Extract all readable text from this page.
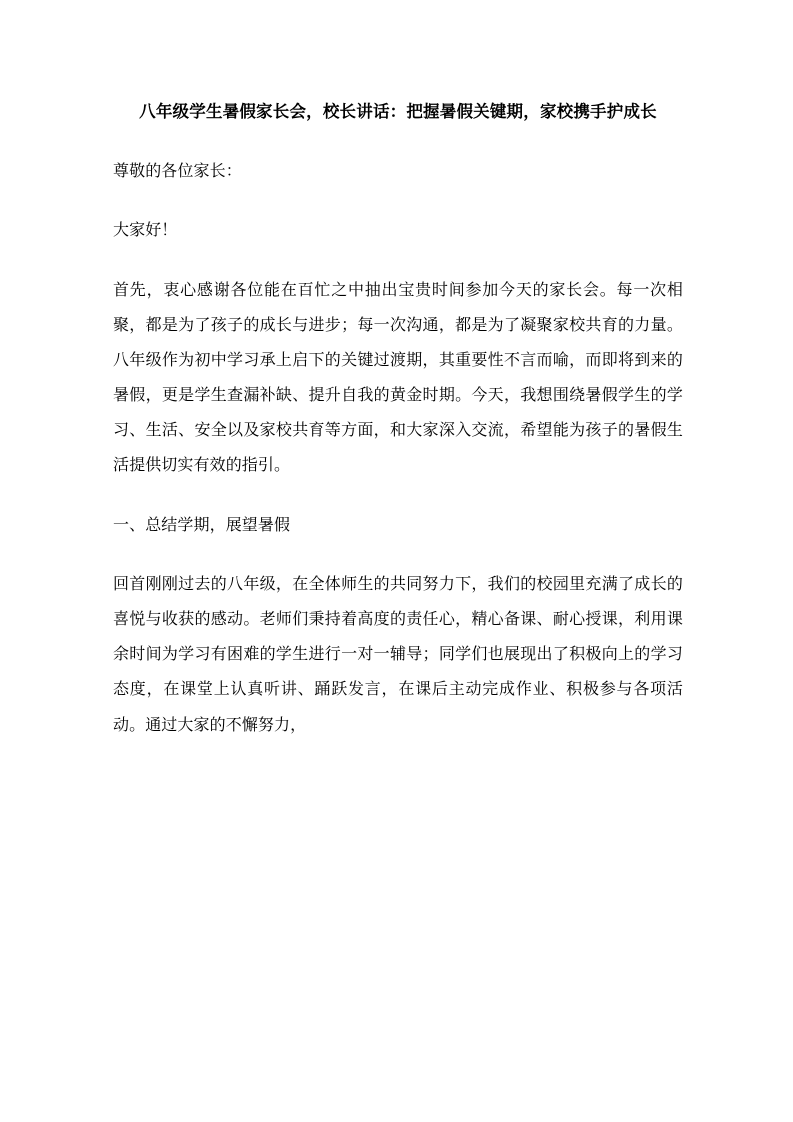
八年级学生暑假家长会，校长讲话：把握暑假关键期，家校携手护成长

尊敬的各位家长：

大家好！

首先，衷心感谢各位能在百忙之中抽出宝贵时间参加今天的家长会。每一次相聚，都是为了孩子的成长与进步；每一次沟通，都是为了凝聚家校共育的力量。八年级作为初中学习承上启下的关键过渡期，其重要性不言而喻，而即将到来的暑假，更是学生查漏补缺、提升自我的黄金时期。今天，我想围绕暑假学生的学习、生活、安全以及家校共育等方面，和大家深入交流，希望能为孩子的暑假生活提供切实有效的指引。

一、总结学期，展望暑假

回首刚刚过去的八年级，在全体师生的共同努力下，我们的校园里充满了成长的喜悦与收获的感动。老师们秉持着高度的责任心，精心备课、耐心授课，利用课余时间为学习有困难的学生进行一对一辅导；同学们也展现出了积极向上的学习态度，在课堂上认真听讲、踊跃发言，在课后主动完成作业、积极参与各项活动。通过大家的不懈努力，
